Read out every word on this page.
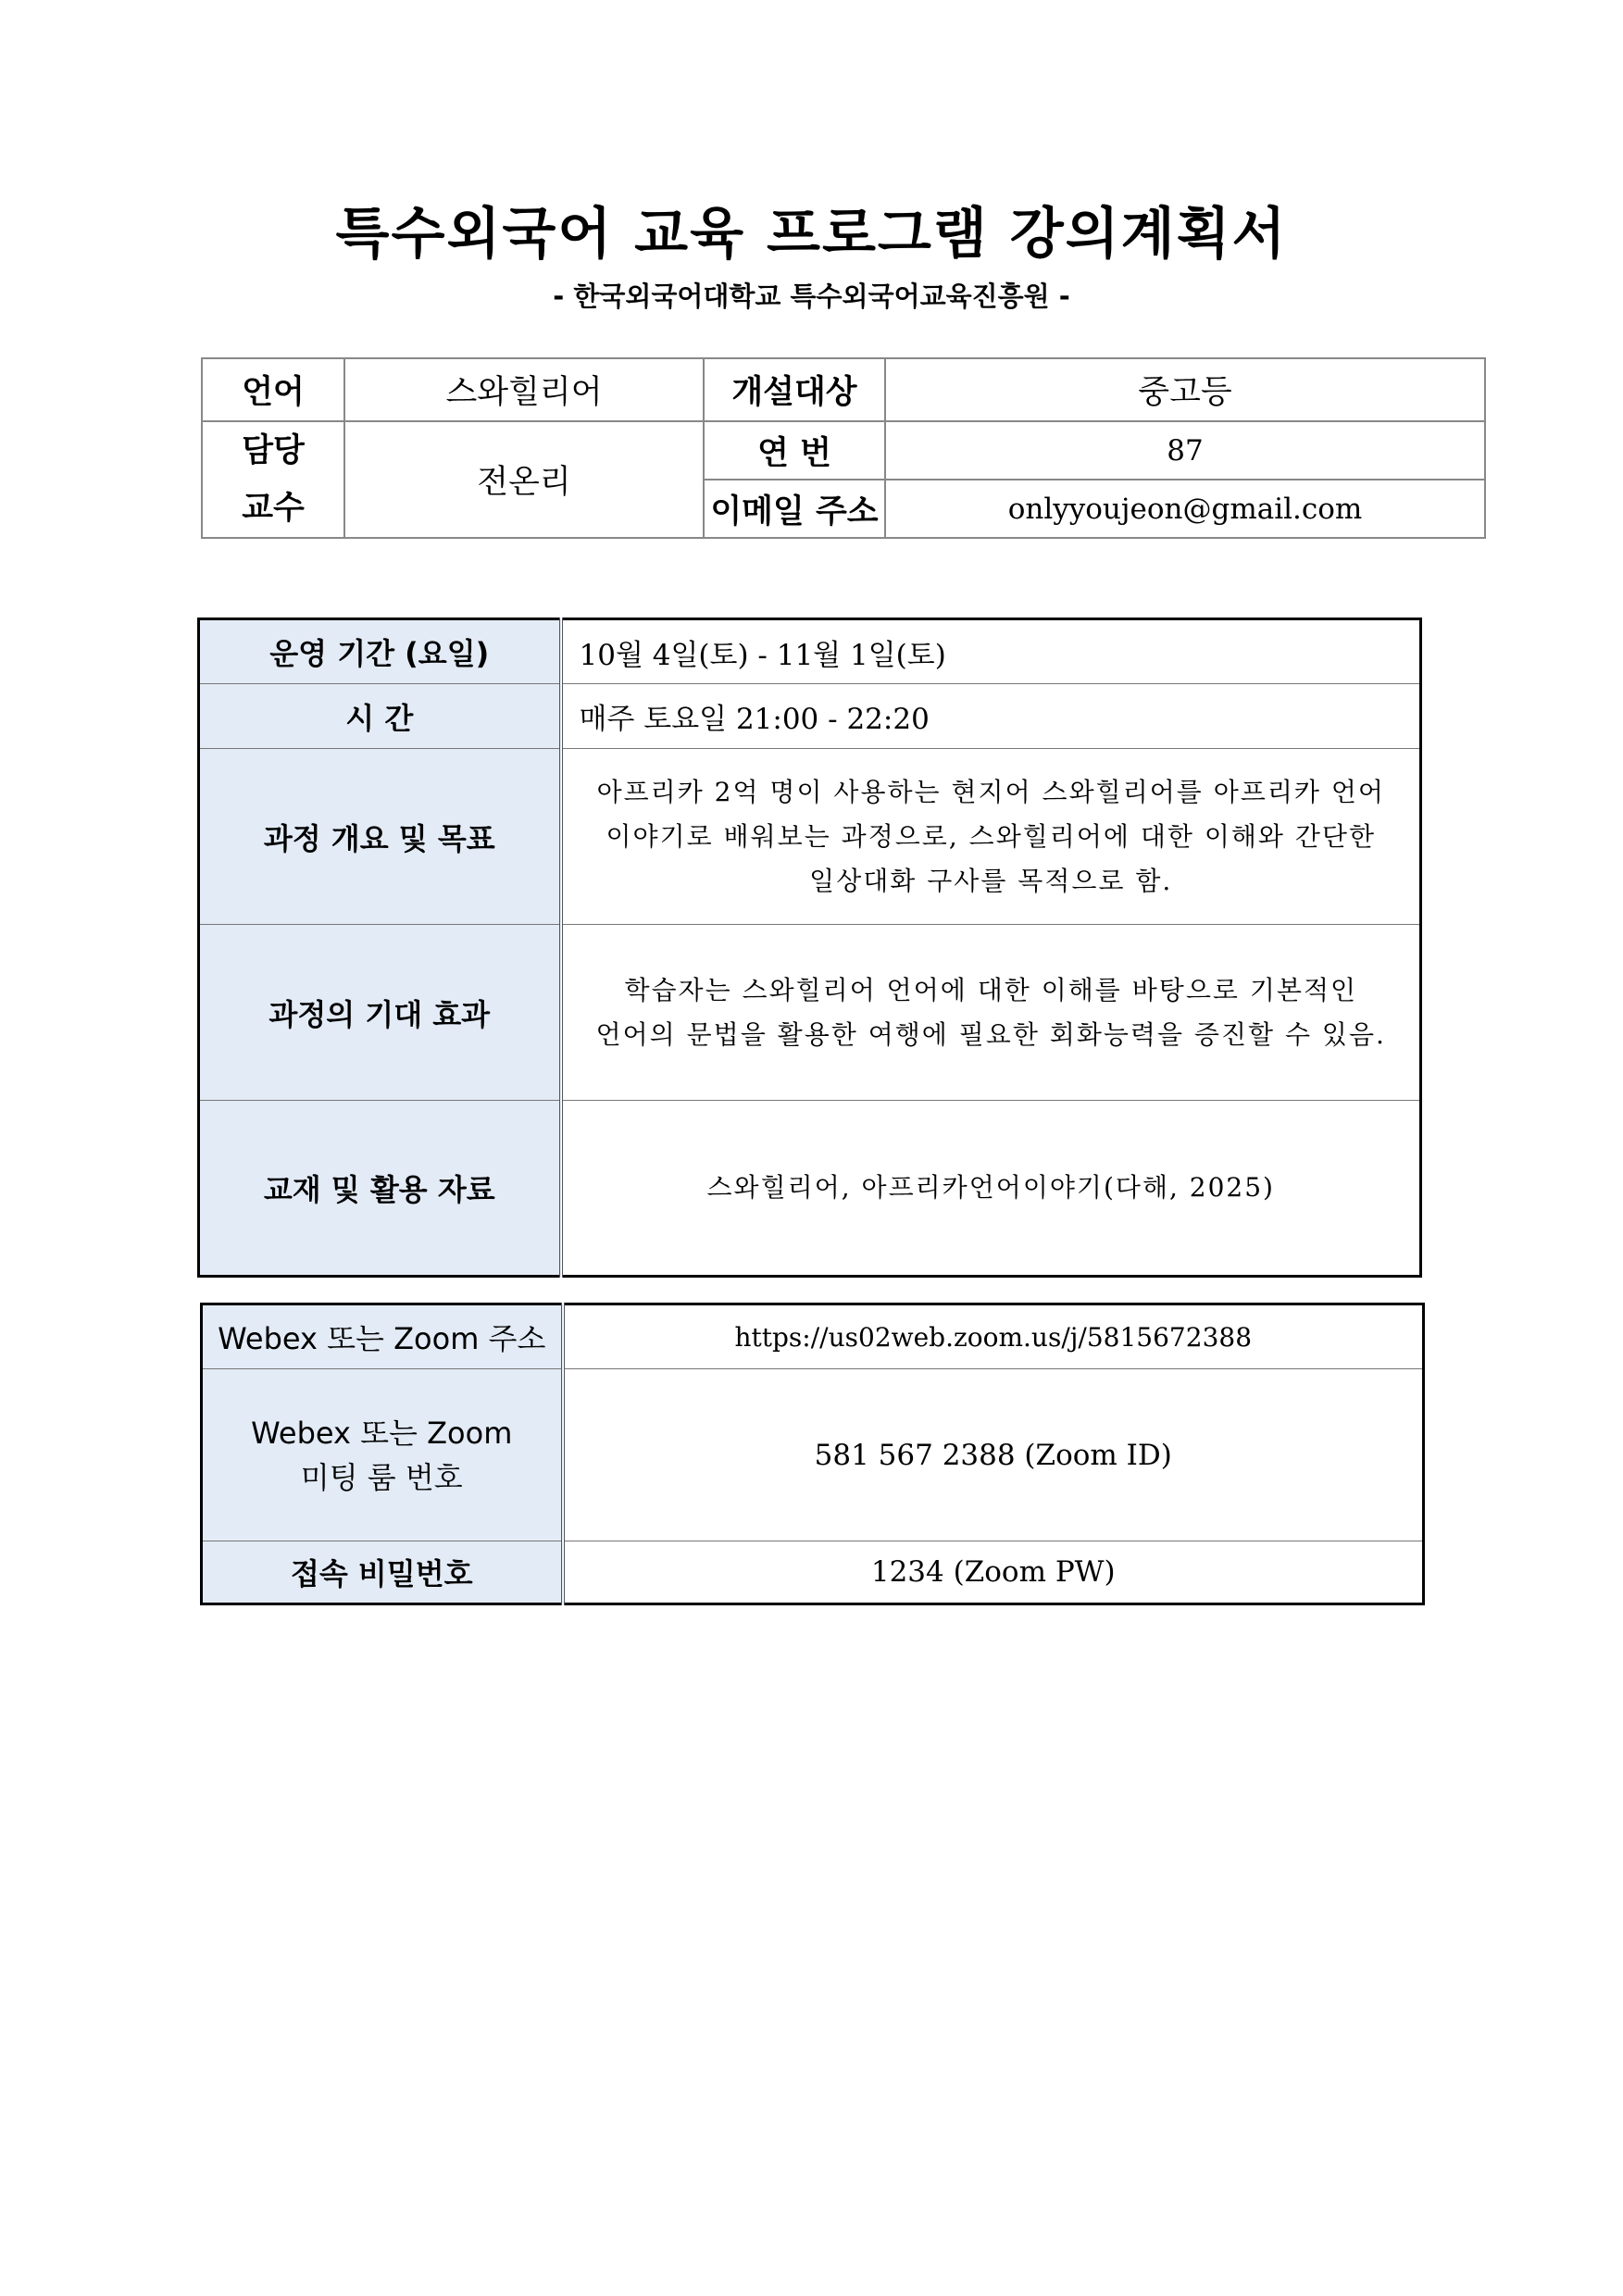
특수외국어 교육 프로그램 강의계획서
- 한국외국어대학교 특수외국어교육진흥원 -
언어	스와힐리어	개설대상	중고등

담당
교수	전온리	연 번	87
		이메일 주소	onlyyoujeon@gmail.com
운영 기간 (요일)	10월 4일(토) - 11월 1일(토)
시 간	매주 토요일 21:00 - 22:20
과정 개요 및 목표	아프리카 2억 명이 사용하는 현지어 스와힐리어를 아프리카 언어
이야기로 배워보는 과정으로, 스와힐리어에 대한 이해와 간단한
일상대화 구사를 목적으로 함.

과정의 기대 효과	학습자는 스와힐리어 언어에 대한 이해를 바탕으로 기본적인
언어의 문법을 활용한 여행에 필요한 회화능력을 증진할 수 있음.

교재 및 활용 자료	스와힐리어, 아프리카언어이야기(다해, 2025)
Webex 또는 Zoom 주소	https://us02web.zoom.us/j/5815672388

Webex 또는 Zoom
미팅 룸 번호	581 567 2388 (Zoom ID)
접속 비밀번호	1234 (Zoom PW)
